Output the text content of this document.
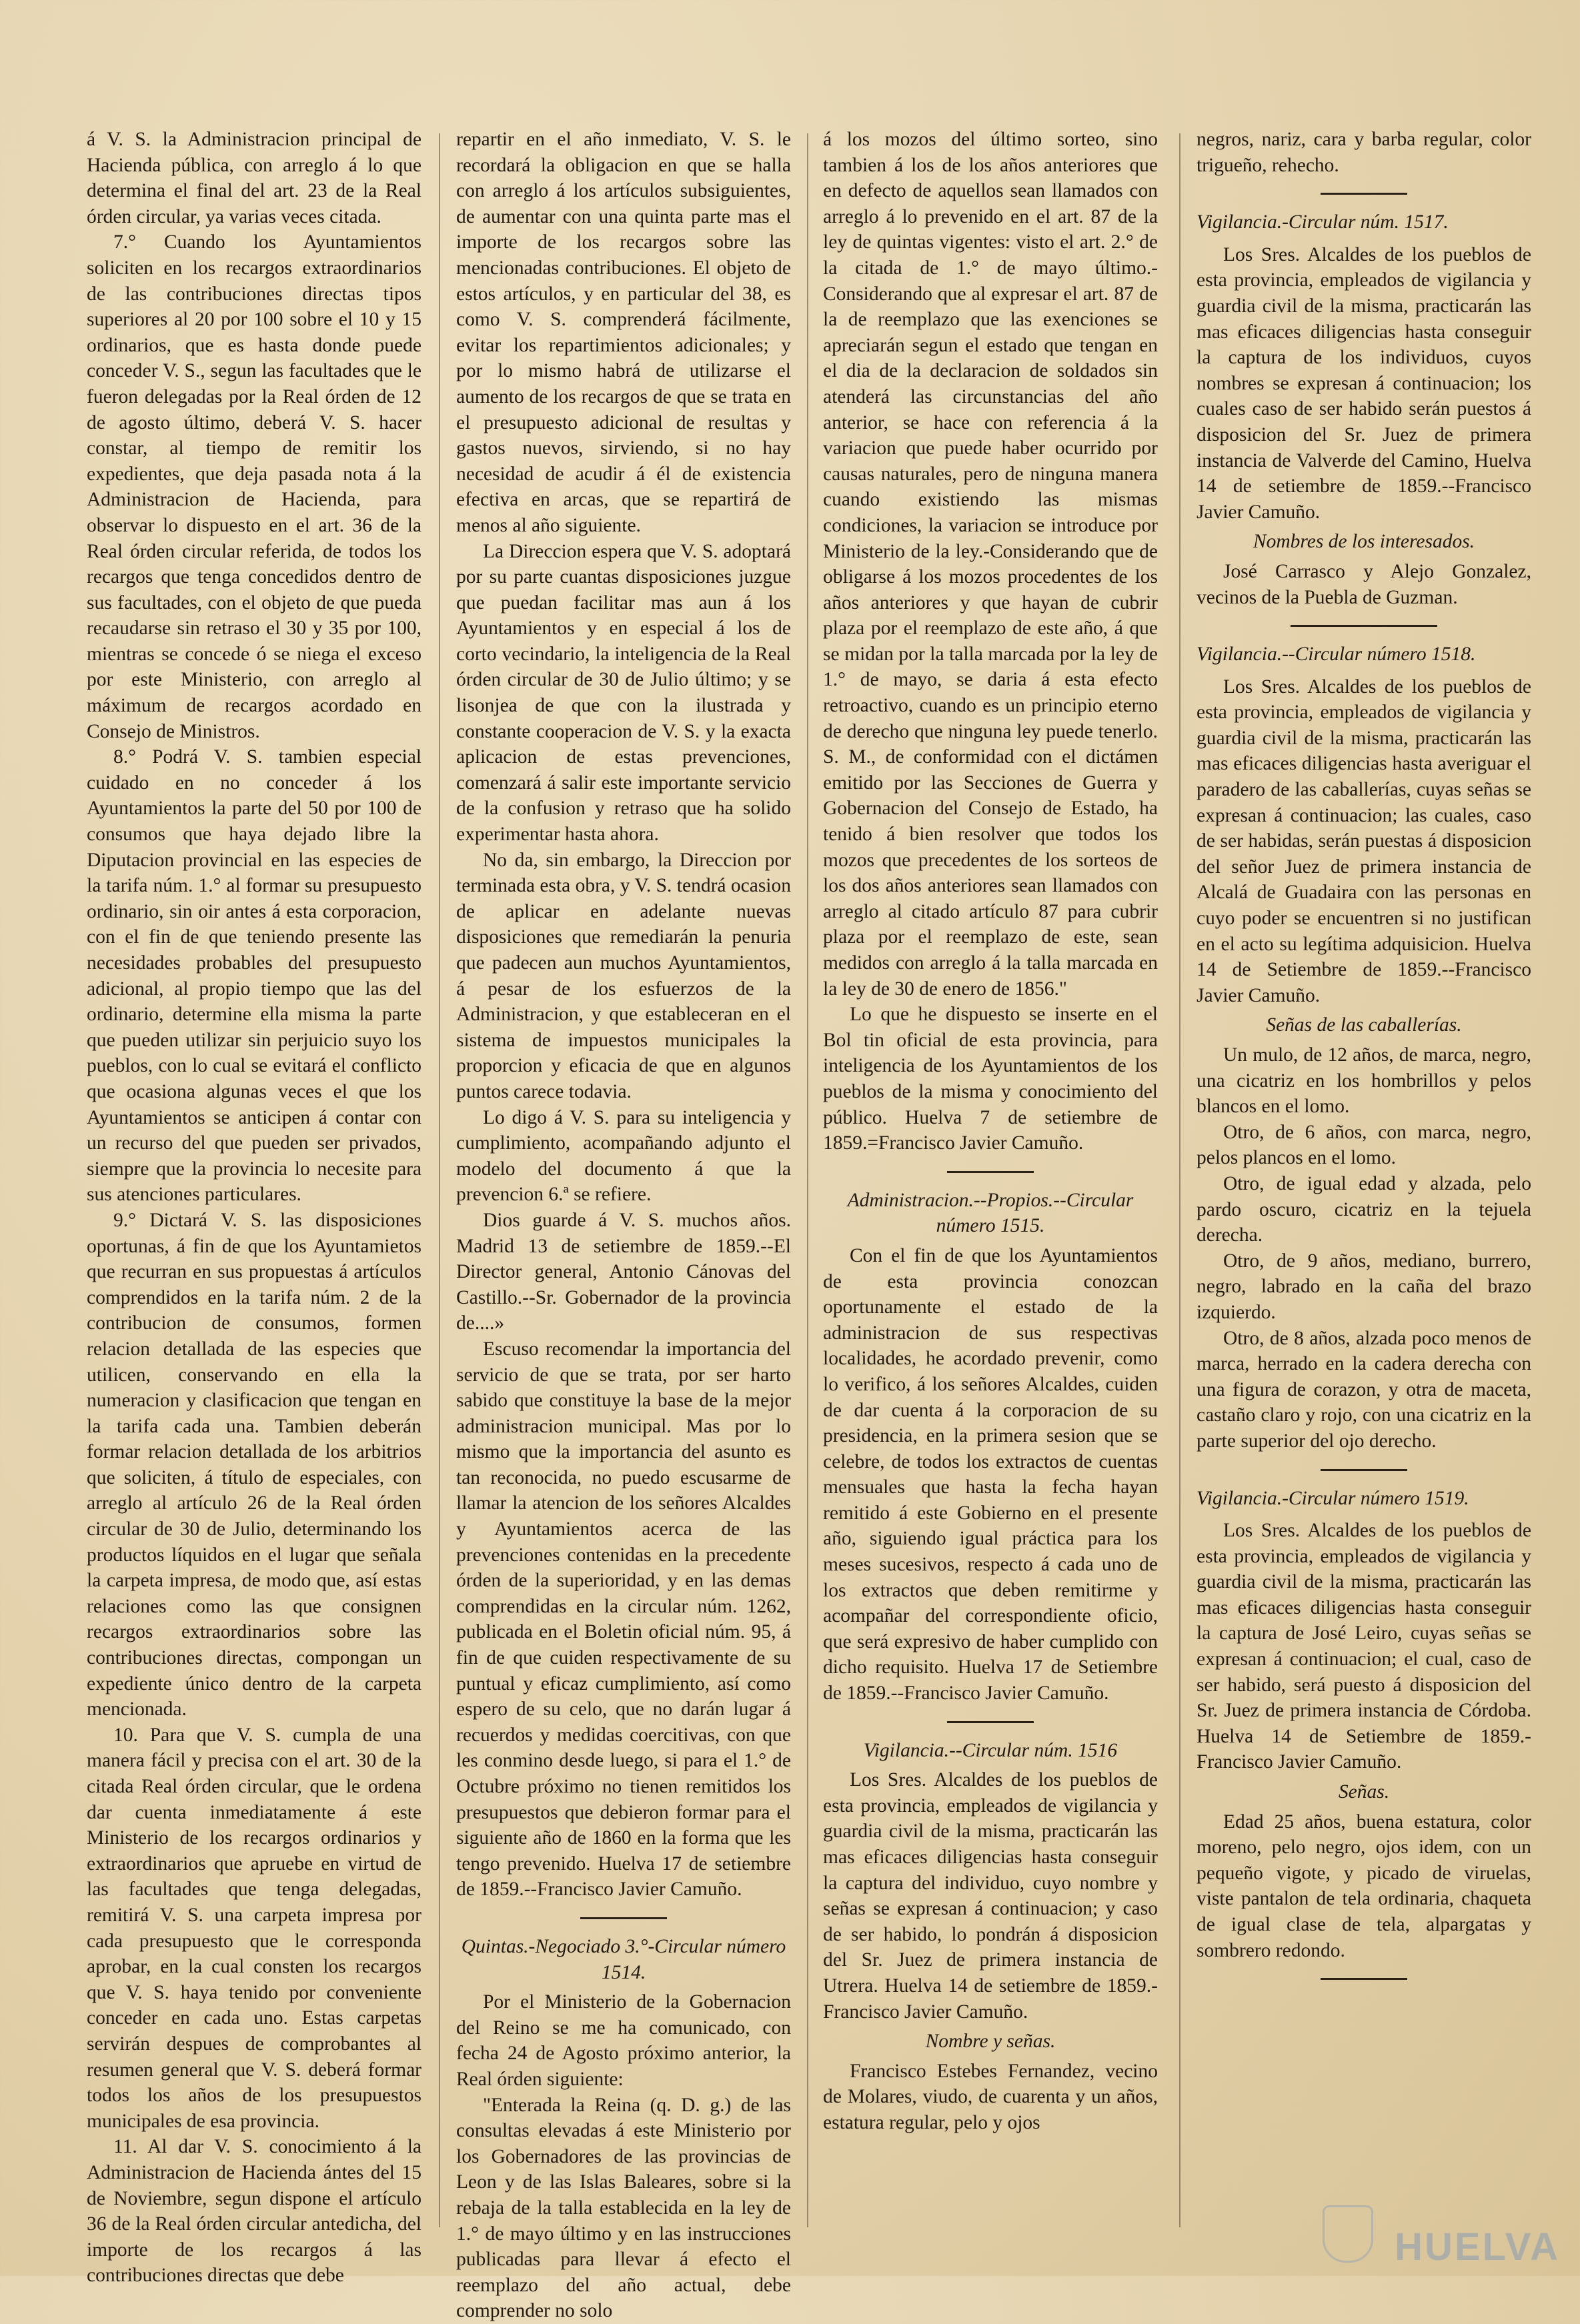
á V. S. la Administracion principal de Hacienda pública, con arreglo á lo que determina el final del art. 23 de la Real órden circular, ya varias veces citada.

7.° Cuando los Ayuntamientos soliciten en los recargos extraordinarios de las contribuciones directas tipos superiores al 20 por 100 sobre el 10 y 15 ordinarios, que es hasta donde puede conceder V. S., segun las facultades que le fueron delegadas por la Real órden de 12 de agosto último, deberá V. S. hacer constar, al tiempo de remitir los expedientes, que deja pasada nota á la Administracion de Hacienda, para observar lo dispuesto en el art. 36 de la Real órden circular referida, de todos los recargos que tenga concedidos dentro de sus facultades, con el objeto de que pueda recaudarse sin retraso el 30 y 35 por 100, mientras se concede ó se niega el exceso por este Ministerio, con arreglo al máximum de recargos acordado en Consejo de Ministros.

8.° Podrá V. S. tambien especial cuidado en no conceder á los Ayuntamientos la parte del 50 por 100 de consumos que haya dejado libre la Diputacion provincial en las especies de la tarifa núm. 1.° al formar su presupuesto ordinario, sin oir antes á esta corporacion, con el fin de que teniendo presente las necesidades probables del presupuesto adicional, al propio tiempo que las del ordinario, determine ella misma la parte que pueden utilizar sin perjuicio suyo los pueblos, con lo cual se evitará el conflicto que ocasiona algunas veces el que los Ayuntamientos se anticipen á contar con un recurso del que pueden ser privados, siempre que la provincia lo necesite para sus atenciones particulares.

9.° Dictará V. S. las disposiciones oportunas, á fin de que los Ayuntamietos que recurran en sus propuestas á artículos comprendidos en la tarifa núm. 2 de la contribucion de consumos, formen relacion detallada de las especies que utilicen, conservando en ella la numeracion y clasificacion que tengan en la tarifa cada una. Tambien deberán formar relacion detallada de los arbitrios que soliciten, á título de especiales, con arreglo al artículo 26 de la Real órden circular de 30 de Julio, determinando los productos líquidos en el lugar que señala la carpeta impresa, de modo que, así estas relaciones como las que consignen recargos extraordinarios sobre las contribuciones directas, compongan un expediente único dentro de la carpeta mencionada.

10. Para que V. S. cumpla de una manera fácil y precisa con el art. 30 de la citada Real órden circular, que le ordena dar cuenta inmediatamente á este Ministerio de los recargos ordinarios y extraordinarios que apruebe en virtud de las facultades que tenga delegadas, remitirá V. S. una carpeta impresa por cada presupuesto que le corresponda aprobar, en la cual consten los recargos que V. S. haya tenido por conveniente conceder en cada uno. Estas carpetas servirán despues de comprobantes al resumen general que V. S. deberá formar todos los años de los presupuestos municipales de esa provincia.

11. Al dar V. S. conocimiento á la Administracion de Hacienda ántes del 15 de Noviembre, segun dispone el artículo 36 de la Real órden circular antedicha, del importe de los recargos á las contribuciones directas que debe

repartir en el año inmediato, V. S. le recordará la obligacion en que se halla con arreglo á los artículos subsiguientes, de aumentar con una quinta parte mas el importe de los recargos sobre las mencionadas contribuciones. El objeto de estos artículos, y en particular del 38, es como V. S. comprenderá fácilmente, evitar los repartimientos adicionales; y por lo mismo habrá de utilizarse el aumento de los recargos de que se trata en el presupuesto adicional de resultas y gastos nuevos, sirviendo, si no hay necesidad de acudir á él de existencia efectiva en arcas, que se repartirá de menos al año siguiente.

La Direccion espera que V. S. adoptará por su parte cuantas disposiciones juzgue que puedan facilitar mas aun á los Ayuntamientos y en especial á los de corto vecindario, la inteligencia de la Real órden circular de 30 de Julio último; y se lisonjea de que con la ilustrada y constante cooperacion de V. S. y la exacta aplicacion de estas prevenciones, comenzará á salir este importante servicio de la confusion y retraso que ha solido experimentar hasta ahora.

No da, sin embargo, la Direccion por terminada esta obra, y V. S. tendrá ocasion de aplicar en adelante nuevas disposiciones que remediarán la penuria que padecen aun muchos Ayuntamientos, á pesar de los esfuerzos de la Administracion, y que estableceran en el sistema de impuestos municipales la proporcion y eficacia de que en algunos puntos carece todavia.

Lo digo á V. S. para su inteligencia y cumplimiento, acompañando adjunto el modelo del documento á que la prevencion 6.ª se refiere.

Dios guarde á V. S. muchos años. Madrid 13 de setiembre de 1859.--El Director general, Antonio Cánovas del Castillo.--Sr. Gobernador de la provincia de....»

Escuso recomendar la importancia del servicio de que se trata, por ser harto sabido que constituye la base de la mejor administracion municipal. Mas por lo mismo que la importancia del asunto es tan reconocida, no puedo escusarme de llamar la atencion de los señores Alcaldes y Ayuntamientos acerca de las prevenciones contenidas en la precedente órden de la superioridad, y en las demas comprendidas en la circular núm. 1262, publicada en el Boletin oficial núm. 95, á fin de que cuiden respectivamente de su puntual y eficaz cumplimiento, así como espero de su celo, que no darán lugar á recuerdos y medidas coercitivas, con que les conmino desde luego, si para el 1.° de Octubre próximo no tienen remitidos los presupuestos que debieron formar para el siguiente año de 1860 en la forma que les tengo prevenido. Huelva 17 de setiembre de 1859.--Francisco Javier Camuño.

Quintas.-Negociado 3.°-Circular número 1514.

Por el Ministerio de la Gobernacion del Reino se me ha comunicado, con fecha 24 de Agosto próximo anterior, la Real órden siguiente:

"Enterada la Reina (q. D. g.) de las consultas elevadas á este Ministerio por los Gobernadores de las provincias de Leon y de las Islas Baleares, sobre si la rebaja de la talla establecida en la ley de 1.° de mayo último y en las instrucciones publicadas para llevar á efecto el reemplazo del año actual, debe comprender no solo

á los mozos del último sorteo, sino tambien á los de los años anteriores que en defecto de aquellos sean llamados con arreglo á lo prevenido en el art. 87 de la ley de quintas vigentes: visto el art. 2.° de la citada de 1.° de mayo último.-Considerando que al expresar el art. 87 de la de reemplazo que las exenciones se apreciarán segun el estado que tengan en el dia de la declaracion de soldados sin atenderá las circunstancias del año anterior, se hace con referencia á la variacion que puede haber ocurrido por causas naturales, pero de ninguna manera cuando existiendo las mismas condiciones, la variacion se introduce por Ministerio de la ley.-Considerando que de obligarse á los mozos procedentes de los años anteriores y que hayan de cubrir plaza por el reemplazo de este año, á que se midan por la talla marcada por la ley de 1.° de mayo, se daria á esta efecto retroactivo, cuando es un principio eterno de derecho que ninguna ley puede tenerlo. S. M., de conformidad con el dictámen emitido por las Secciones de Guerra y Gobernacion del Consejo de Estado, ha tenido á bien resolver que todos los mozos que precedentes de los sorteos de los dos años anteriores sean llamados con arreglo al citado artículo 87 para cubrir plaza por el reemplazo de este, sean medidos con arreglo á la talla marcada en la ley de 30 de enero de 1856."

Lo que he dispuesto se inserte en el Bol tin oficial de esta provincia, para inteligencia de los Ayuntamientos de los pueblos de la misma y conocimiento del público. Huelva 7 de setiembre de 1859.=Francisco Javier Camuño.

Administracion.--Propios.--Circular número 1515.

Con el fin de que los Ayuntamientos de esta provincia conozcan oportunamente el estado de la administracion de sus respectivas localidades, he acordado prevenir, como lo verifico, á los señores Alcaldes, cuiden de dar cuenta á la corporacion de su presidencia, en la primera sesion que se celebre, de todos los extractos de cuentas mensuales que hasta la fecha hayan remitido á este Gobierno en el presente año, siguiendo igual práctica para los meses sucesivos, respecto á cada uno de los extractos que deben remitirme y acompañar del correspondiente oficio, que será expresivo de haber cumplido con dicho requisito. Huelva 17 de Setiembre de 1859.--Francisco Javier Camuño.

Vigilancia.--Circular núm. 1516

Los Sres. Alcaldes de los pueblos de esta provincia, empleados de vigilancia y guardia civil de la misma, practicarán las mas eficaces diligencias hasta conseguir la captura del individuo, cuyo nombre y señas se expresan á continuacion; y caso de ser habido, lo pondrán á disposicion del Sr. Juez de primera instancia de Utrera. Huelva 14 de setiembre de 1859.-Francisco Javier Camuño.

Nombre y señas.

Francisco Estebes Fernandez, vecino de Molares, viudo, de cuarenta y un años, estatura regular, pelo y ojos

negros, nariz, cara y barba regular, color trigueño, rehecho.

Vigilancia.-Circular núm. 1517.

Los Sres. Alcaldes de los pueblos de esta provincia, empleados de vigilancia y guardia civil de la misma, practicarán las mas eficaces diligencias hasta conseguir la captura de los individuos, cuyos nombres se expresan á continuacion; los cuales caso de ser habido serán puestos á disposicion del Sr. Juez de primera instancia de Valverde del Camino, Huelva 14 de setiembre de 1859.--Francisco Javier Camuño.

Nombres de los interesados.

José Carrasco y Alejo Gonzalez, vecinos de la Puebla de Guzman.

Vigilancia.--Circular número 1518.

Los Sres. Alcaldes de los pueblos de esta provincia, empleados de vigilancia y guardia civil de la misma, practicarán las mas eficaces diligencias hasta averiguar el paradero de las caballerías, cuyas señas se expresan á continuacion; las cuales, caso de ser habidas, serán puestas á disposicion del señor Juez de primera instancia de Alcalá de Guadaira con las personas en cuyo poder se encuentren si no justifican en el acto su legítima adquisicion. Huelva 14 de Setiembre de 1859.--Francisco Javier Camuño.

Señas de las caballerías.

Un mulo, de 12 años, de marca, negro, una cicatriz en los hombrillos y pelos blancos en el lomo.

Otro, de 6 años, con marca, negro, pelos plancos en el lomo.

Otro, de igual edad y alzada, pelo pardo oscuro, cicatriz en la tejuela derecha.

Otro, de 9 años, mediano, burrero, negro, labrado en la caña del brazo izquierdo.

Otro, de 8 años, alzada poco menos de marca, herrado en la cadera derecha con una figura de corazon, y otra de maceta, castaño claro y rojo, con una cicatriz en la parte superior del ojo derecho.

Vigilancia.-Circular número 1519.

Los Sres. Alcaldes de los pueblos de esta provincia, empleados de vigilancia y guardia civil de la misma, practicarán las mas eficaces diligencias hasta conseguir la captura de José Leiro, cuyas señas se expresan á continuacion; el cual, caso de ser habido, será puesto á disposicion del Sr. Juez de primera instancia de Córdoba. Huelva 14 de Setiembre de 1859.-Francisco Javier Camuño.

Señas.

Edad 25 años, buena estatura, color moreno, pelo negro, ojos idem, con un pequeño vigote, y picado de viruelas, viste pantalon de tela ordinaria, chaqueta de igual clase de tela, alpargatas y sombrero redondo.

HUELVA
